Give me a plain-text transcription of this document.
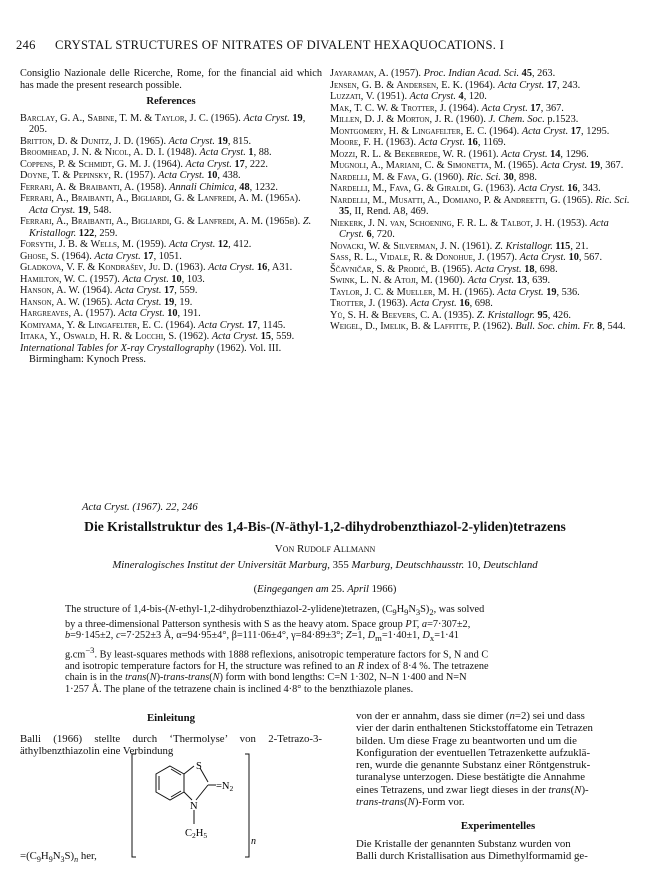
246 CRYSTAL STRUCTURES OF NITRATES OF DIVALENT HEXAQUOCATIONS. I

Consiglio Nazionale delle Ricerche, Rome, for the financial aid which has made the present research possible.

References

Barclay, G. A., Sabine, T. M. & Taylor, J. C. (1965). Acta Cryst. 19, 205.

Britton, D. & Dunitz, J. D. (1965). Acta Cryst. 19, 815.

Broomhead, J. N. & Nicol, A. D. I. (1948). Acta Cryst. 1, 88.

Coppens, P. & Schmidt, G. M. J. (1964). Acta Cryst. 17, 222.

Doyne, T. & Pepinsky, R. (1957). Acta Cryst. 10, 438.

Ferrari, A. & Braibanti, A. (1958). Annali Chimica, 48, 1232.

Ferrari, A., Braibanti, A., Bigliardi, G. & Lanfredi, A. M. (1965a). Acta Cryst. 19, 548.

Ferrari, A., Braibanti, A., Bigliardi, G. & Lanfredi, A. M. (1965b). Z. Kristallogr. 122, 259.

Forsyth, J. B. & Wells, M. (1959). Acta Cryst. 12, 412.

Ghose, S. (1964). Acta Cryst. 17, 1051.

Gladkova, V. F. & Kondrašev, Ju. D. (1963). Acta Cryst. 16, A31.

Hamilton, W. C. (1957). Acta Cryst. 10, 103.

Hanson, A. W. (1964). Acta Cryst. 17, 559.

Hanson, A. W. (1965). Acta Cryst. 19, 19.

Hargreaves, A. (1957). Acta Cryst. 10, 191.

Komiyama, Y. & Lingafelter, E. C. (1964). Acta Cryst. 17, 1145.

Iitaka, Y., Oswald, H. R. & Locchi, S. (1962). Acta Cryst. 15, 559.

International Tables for X-ray Crystallography (1962). Vol. III. Birmingham: Kynoch Press.

Jayaraman, A. (1957). Proc. Indian Acad. Sci. 45, 263.

Jensen, G. B. & Andersen, E. K. (1964). Acta Cryst. 17, 243.

Luzzati, V. (1951). Acta Cryst. 4, 120.

Mak, T. C. W. & Trotter, J. (1964). Acta Cryst. 17, 367.

Millen, D. J. & Morton, J. R. (1960). J. Chem. Soc. p.1523.

Montgomery, H. & Lingafelter, E. C. (1964). Acta Cryst. 17, 1295.

Moore, F. H. (1963). Acta Cryst. 16, 1169.

Mozzi, R. L. & Bekebrede, W. R. (1961). Acta Cryst. 14, 1296.

Mugnoli, A., Mariani, C. & Simonetta, M. (1965). Acta Cryst. 19, 367.

Nardelli, M. & Fava, G. (1960). Ric. Sci. 30, 898.

Nardelli, M., Fava, G. & Giraldi, G. (1963). Acta Cryst. 16, 343.

Nardelli, M., Musatti, A., Domiano, P. & Andreetti, G. (1965). Ric. Sci. 35, II, Rend. A8, 469.

Niekerk, J. N. van, Schoening, F. R. L. & Talbot, J. H. (1953). Acta Cryst. 6, 720.

Novacki, W. & Silverman, J. N. (1961). Z. Kristallogr. 115, 21.

Sass, R. L., Vidale, R. & Donohue, J. (1957). Acta Cryst. 10, 567.

Ščavničar, S. & Prodić, B. (1965). Acta Cryst. 18, 698.

Swink, L. N. & Atoji, M. (1960). Acta Cryst. 13, 639.

Taylor, J. C. & Mueller, M. H. (1965). Acta Cryst. 19, 536.

Trotter, J. (1963). Acta Cryst. 16, 698.

Yü, S. H. & Beevers, C. A. (1935). Z. Kristallogr. 95, 426.

Weigel, D., Imelik, B. & Laffitte, P. (1962). Bull. Soc. chim. Fr. 8, 544.

Acta Cryst. (1967). 22, 246
Die Kristallstruktur des 1,4-Bis-(N-äthyl-1,2-dihydrobenzthiazol-2-yliden)tetrazens
Von Rudolf Allmann
Mineralogisches Institut der Universität Marburg, 355 Marburg, Deutschhausstr. 10, Deutschland
(Eingegangen am 25. April 1966)
The structure of 1,4-bis-(N-ethyl-1,2-dihydrobenzthiazol-2-ylidene)tetrazen, $(C_9H_9N_3S)_2$, was solved
by a three-dimensional Patterson synthesis with S as the heavy atom. Space group P1̄, a=7·307±2,
b=9·145±2, c=7·252±3 Å, α=94·95±4°, β=111·06±4°, γ=84·89±3°; Z=1, $D_m=1\cdot 40\pm 1$, $D_x=1\cdot 41$
$g.cm^{-3}$. By least-squares methods with 1888 reflexions, anisotropic temperature factors for S, N and C
and isotropic temperature factors for H, the structure was refined to an R index of 8·4 %. The tetrazene
chain is in the trans(N)-trans-trans(N) form with bond lengths: C=N 1·302, N–N 1·400 and N=N
1·257 Å. The plane of the tetrazene chain is inclined 4·8° to the benzthiazole planes.
Einleitung
Balli (1966) stellte durch ‘Thermolyse’ von 2-Tetrazo-3-äthylbenzthiazolin eine Verbindung
S
=N2
N
C2H5
n
$=(C_9H_9N_3S)_n$ her,
von der er annahm, dass sie dimer (n=2) sei und dass
vier der darin enthaltenen Stickstoffatome ein Tetrazen
bilden. Um diese Frage zu beantworten und um die
Konfiguration der eventuellen Tetrazenkette aufzuklä-
ren, wurde die genannte Substanz einer Röntgenstruk-
turanalyse unterzogen. Diese bestätigte die Annahme
eines Tetrazens, und zwar liegt dieses in der trans(N)-
trans-trans(N)-Form vor.
Experimentelles
Die Kristalle der genannten Substanz wurden von
Balli durch Kristallisation aus Dimethylformamid ge-
